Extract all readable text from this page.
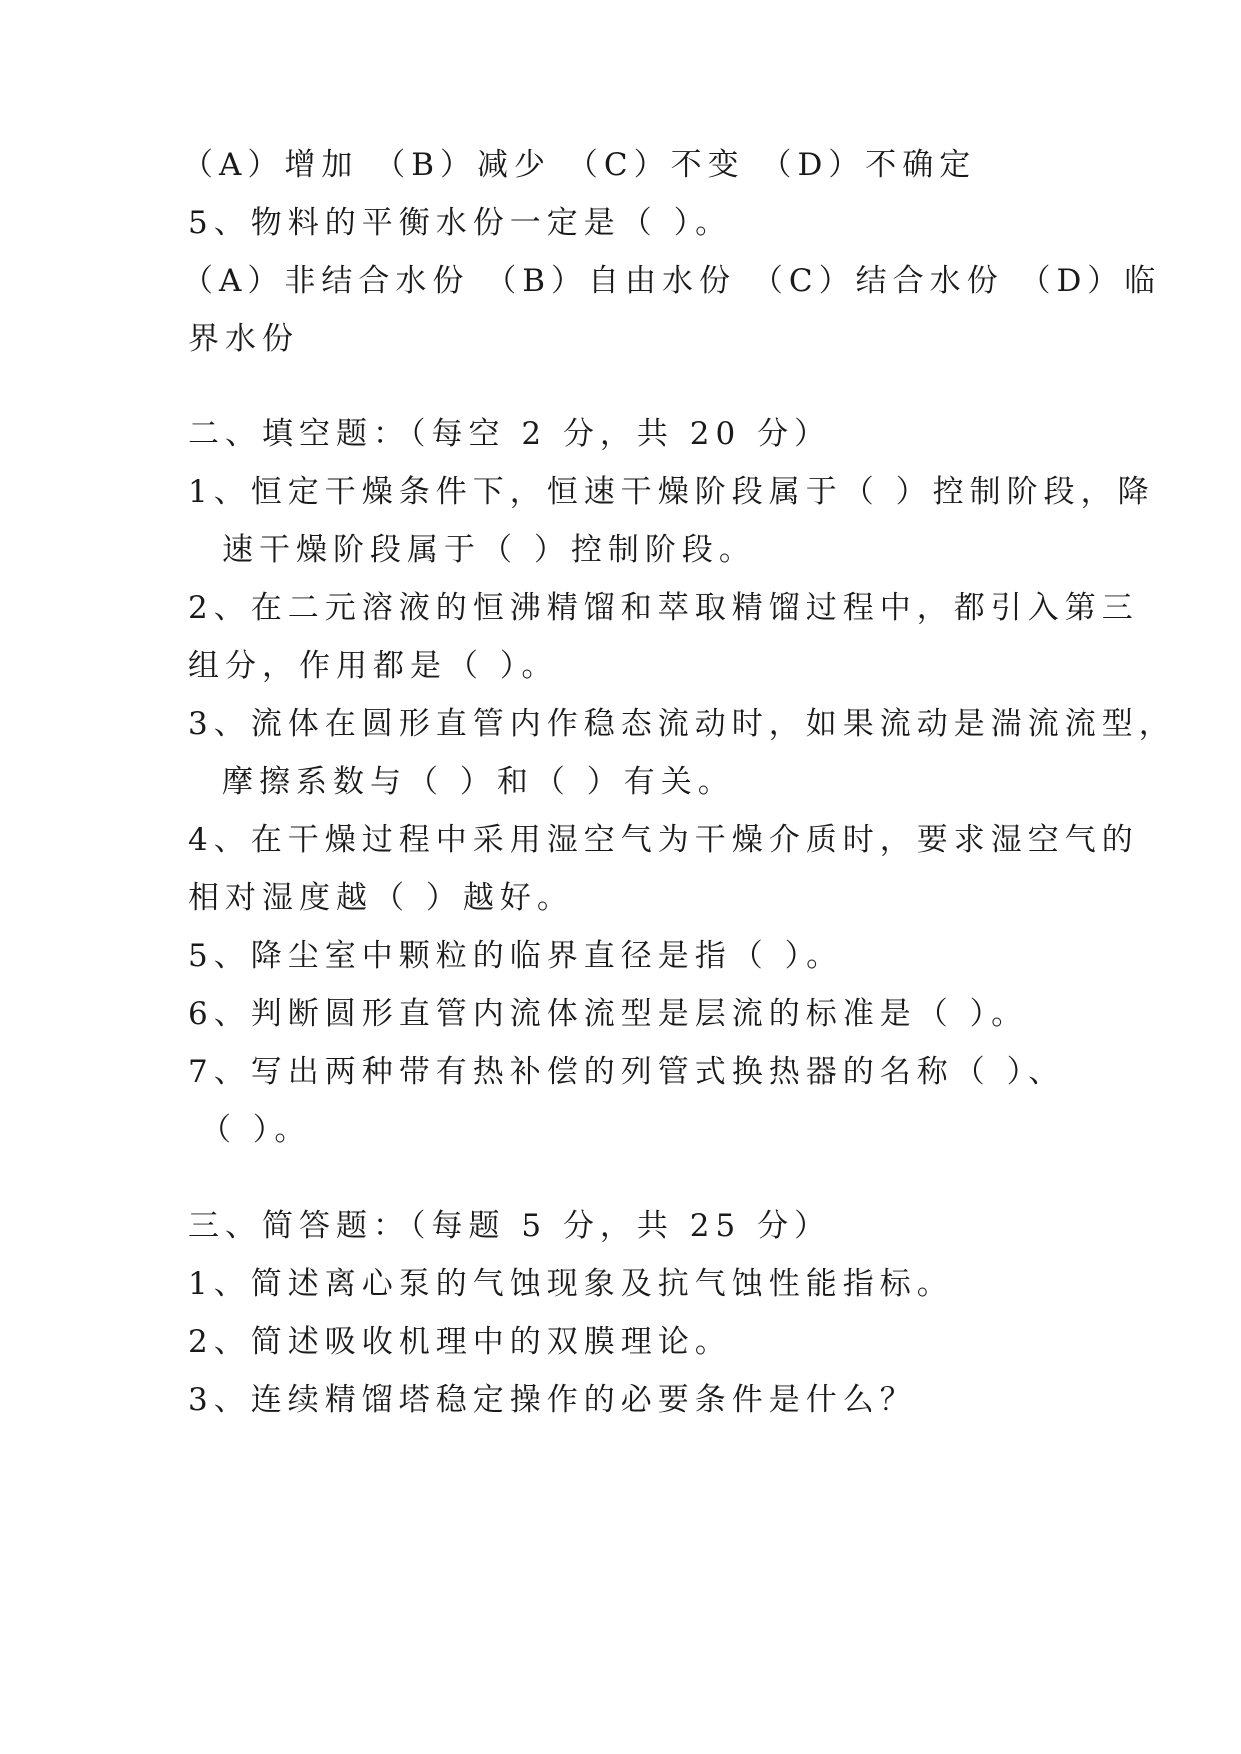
（A）增加 （B）减少 （C）不变 （D）不确定
5、物料的平衡水份一定是（ ）。
（A）非结合水份 （B）自由水份 （C）结合水份 （D）临
界水份
二、填空题：（每空 2 分，共 20 分）
1、恒定干燥条件下，恒速干燥阶段属于（ ）控制阶段，降
速干燥阶段属于（ ）控制阶段。
2、在二元溶液的恒沸精馏和萃取精馏过程中，都引入第三
组分，作用都是（ ）。
3、流体在圆形直管内作稳态流动时，如果流动是湍流流型，
摩擦系数与（ ）和（ ）有关。
4、在干燥过程中采用湿空气为干燥介质时，要求湿空气的
相对湿度越（ ）越好。
5、降尘室中颗粒的临界直径是指（ ）。
6、判断圆形直管内流体流型是层流的标准是（ ）。
7、写出两种带有热补偿的列管式换热器的名称（ ）、
（ ）。
三、简答题：（每题 5 分，共 25 分）
1、简述离心泵的气蚀现象及抗气蚀性能指标。
2、简述吸收机理中的双膜理论。
3、连续精馏塔稳定操作的必要条件是什么？
